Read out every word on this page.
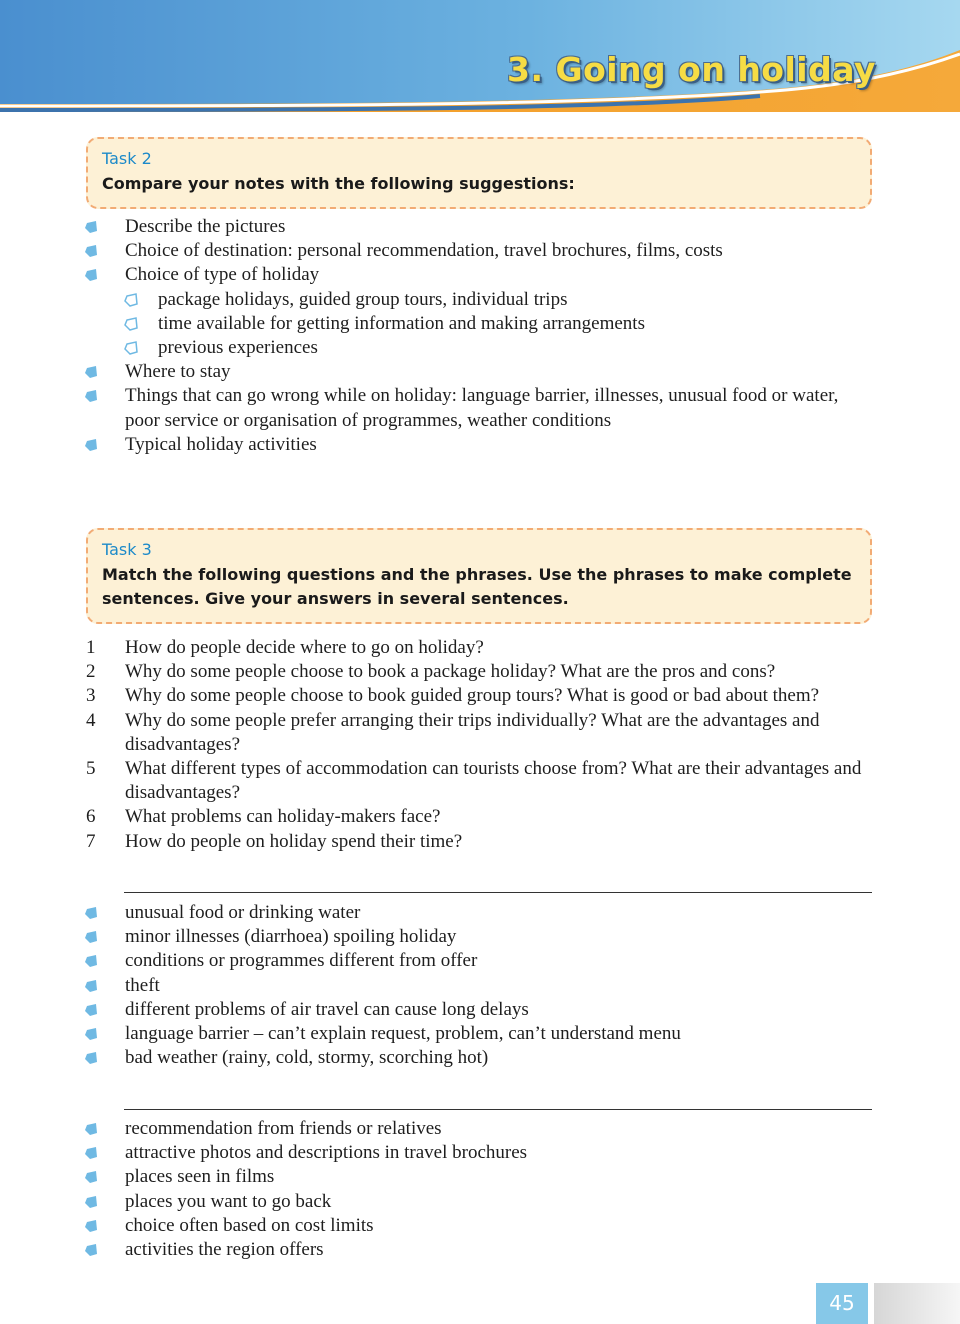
3. Going on holiday
Task 2
Compare your notes with the following suggestions:
Describe the pictures
Choice of destination: personal recommendation, travel brochures, films, costs
Choice of type of holiday
package holidays, guided group tours, individual trips
time available for getting information and making arrangements
previous experiences
Where to stay
Things that can go wrong while on holiday: language barrier, illnesses, unusual food or water, poor service or organisation of programmes, weather conditions
Typical holiday activities
Task 3
Match the following questions and the phrases. Use the phrases to make complete sentences. Give your answers in several sentences.
1 How do people decide where to go on holiday?
2 Why do some people choose to book a package holiday? What are the pros and cons?
3 Why do some people choose to book guided group tours? What is good or bad about them?
4 Why do some people prefer arranging their trips individually? What are the advantages and disadvantages?
5 What different types of accommodation can tourists choose from? What are their advantages and disadvantages?
6 What problems can holiday-makers face?
7 How do people on holiday spend their time?
unusual food or drinking water
minor illnesses (diarrhoea) spoiling holiday
conditions or programmes different from offer
theft
different problems of air travel can cause long delays
language barrier – can’t explain request, problem, can’t understand menu
bad weather (rainy, cold, stormy, scorching hot)
recommendation from friends or relatives
attractive photos and descriptions in travel brochures
places seen in films
places you want to go back
choice often based on cost limits
activities the region offers
45
